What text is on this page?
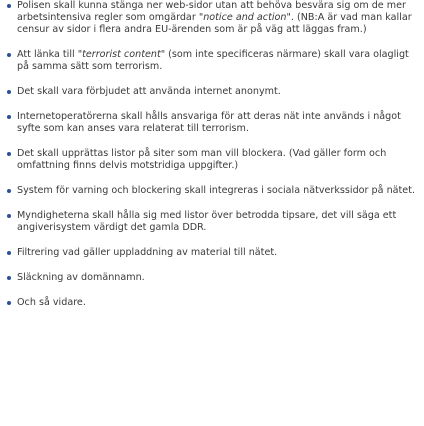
Polisen skall kunna stänga ner web-sidor utan att behöva besvära sig om de mer arbetsintensiva regler som omgärdar "notice and action". (NB:A är vad man kallar censur av sidor i flera andra EU-ärenden som är på väg att läggas fram.)
Att länka till "terrorist content" (som inte specificeras närmare) skall vara olagligt på samma sätt som terrorism.
Det skall vara förbjudet att använda internet anonymt.
Internetoperatörerna skall hålls ansvariga för att deras nät inte används i något syfte som kan anses vara relaterat till terrorism.
Det skall upprättas listor på siter som man vill blockera. (Vad gäller form och omfattning finns delvis motstridiga uppgifter.)
System för varning och blockering skall integreras i sociala nätverkssidor på nätet.
Myndigheterna skall hålla sig med listor över betrodda tipsare, det vill säga ett angiverisystem värdigt det gamla DDR.
Filtrering vad gäller uppladdning av material till nätet.
Släckning av domännamn.
Och så vidare.
